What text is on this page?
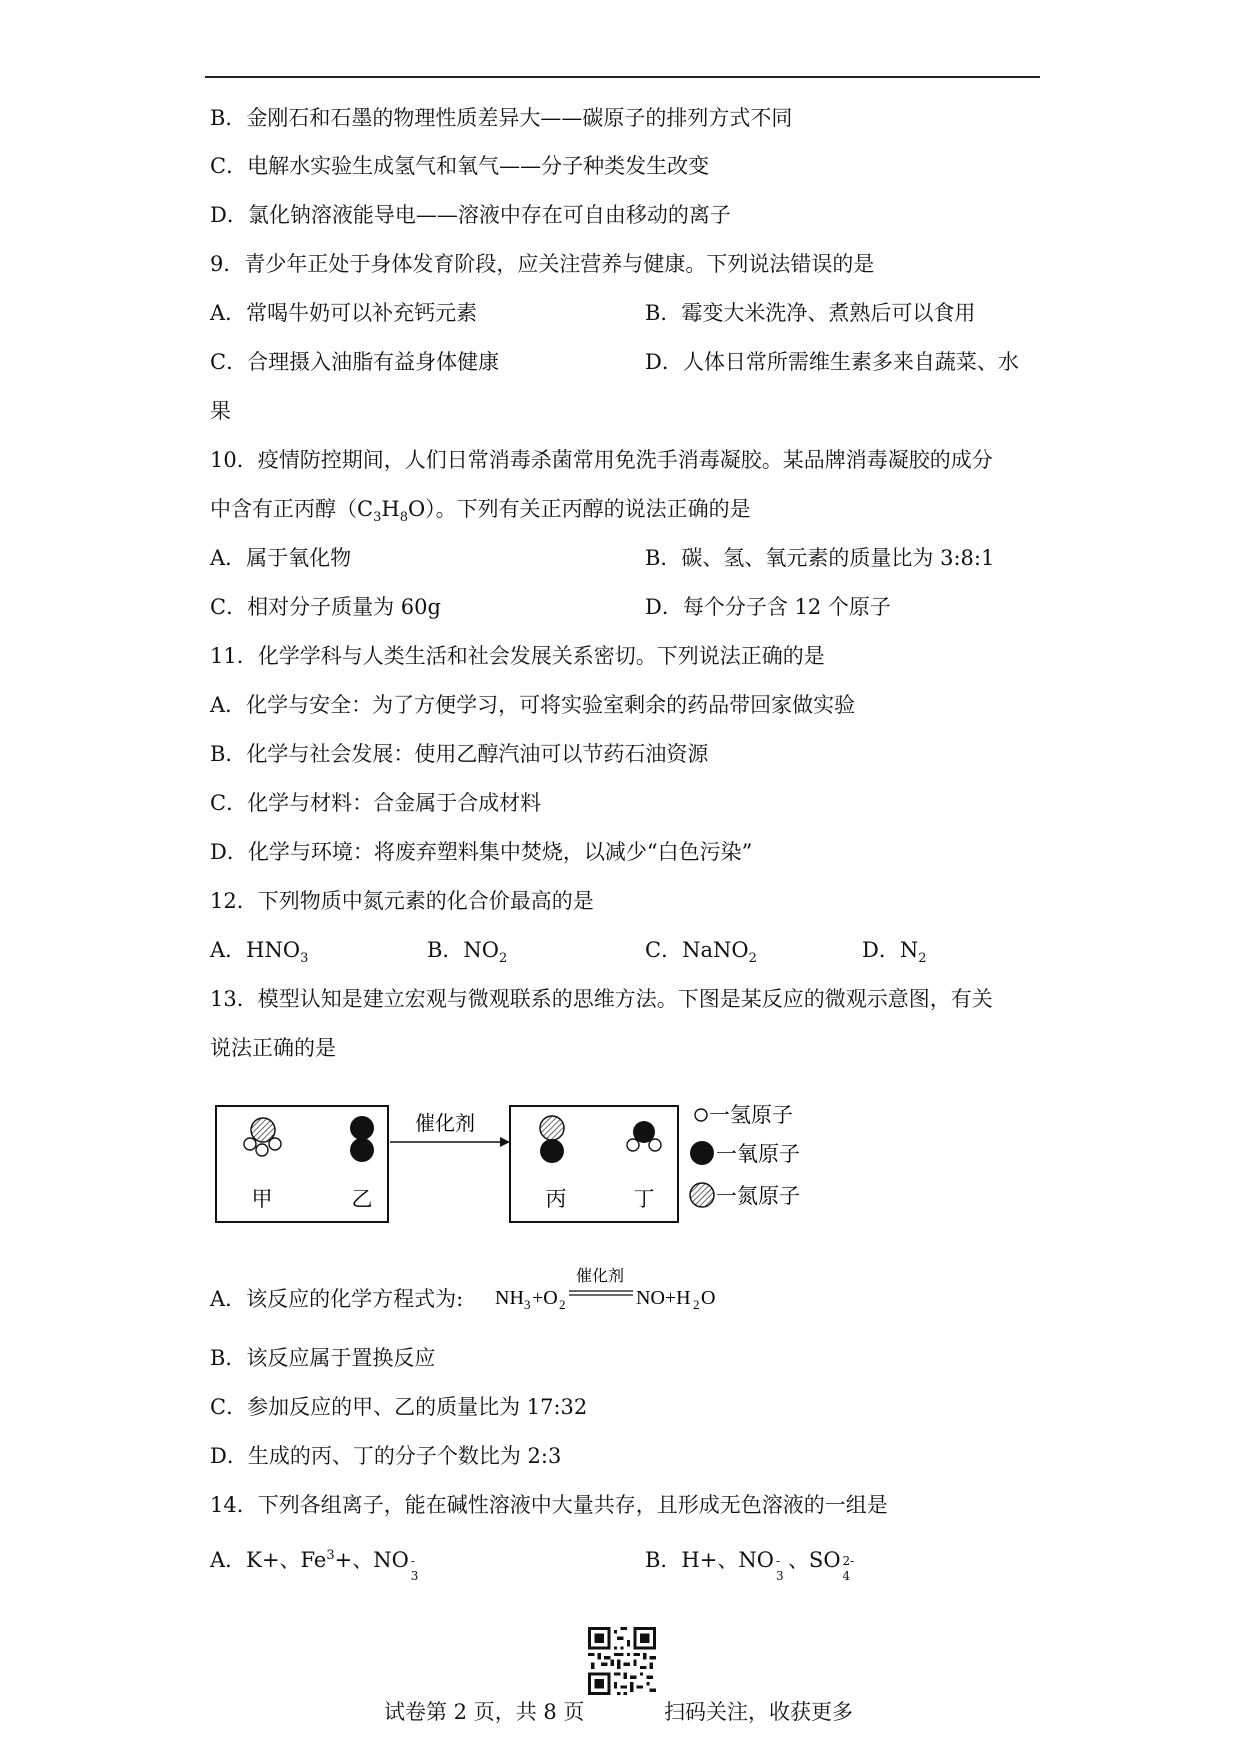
B．金刚石和石墨的物理性质差异大——碳原子的排列方式不同
C．电解水实验生成氢气和氧气——分子种类发生改变
D．氯化钠溶液能导电——溶液中存在可自由移动的离子
9．青少年正处于身体发育阶段，应关注营养与健康。下列说法错误的是
A．常喝牛奶可以补充钙元素	B．霉变大米洗净、煮熟后可以食用
C．合理摄入油脂有益身体健康	D．人体日常所需维生素多来自蔬菜、水
果
10．疫情防控期间，人们日常消毒杀菌常用免洗手消毒凝胶。某品牌消毒凝胶的成分
中含有正丙醇$(C_3H_8O)$。下列有关正丙醇的说法正确的是
A．属于氧化物	B．碳、氢、氧元素的质量比为 3:8:1
C．相对分子质量为 60g	D．每个分子含 12 个原子
11．化学学科与人类生活和社会发展关系密切。下列说法正确的是
A．化学与安全：为了方便学习，可将实验室剩余的药品带回家做实验
B．化学与社会发展：使用乙醇汽油可以节药石油资源
C．化学与材料：合金属于合成材料
D．化学与环境：将废弃塑料集中焚烧，以减少“白色污染”
12．下列物质中氮元素的化合价最高的是
A．$HNO_3$	B．$NO_2$	C．NaNO$_2$	D．$N_2$
13．模型认知是建立宏观与微观联系的思维方法。下图是某反应的微观示意图，有关
说法正确的是
甲	乙
催化剂
丙	丁
一氢原子
一氧原子
一氮原子
A．该反应的化学方程式为: NH 3 +O 2
催化剂
NO+H 2 O
B．该反应属于置换反应
C．参加反应的甲、乙的质量比为 17:32
D．生成的丙、丁的分子个数比为 2:3
14．下列各组离子，能在碱性溶液中大量共存，且形成无色溶液的一组是
A．K+、$Fe^3+$、NO -
3
B．H+、NO -
3
、SO 2-
4
试卷第 2 页，共 8 页	扫码关注，收获更多
